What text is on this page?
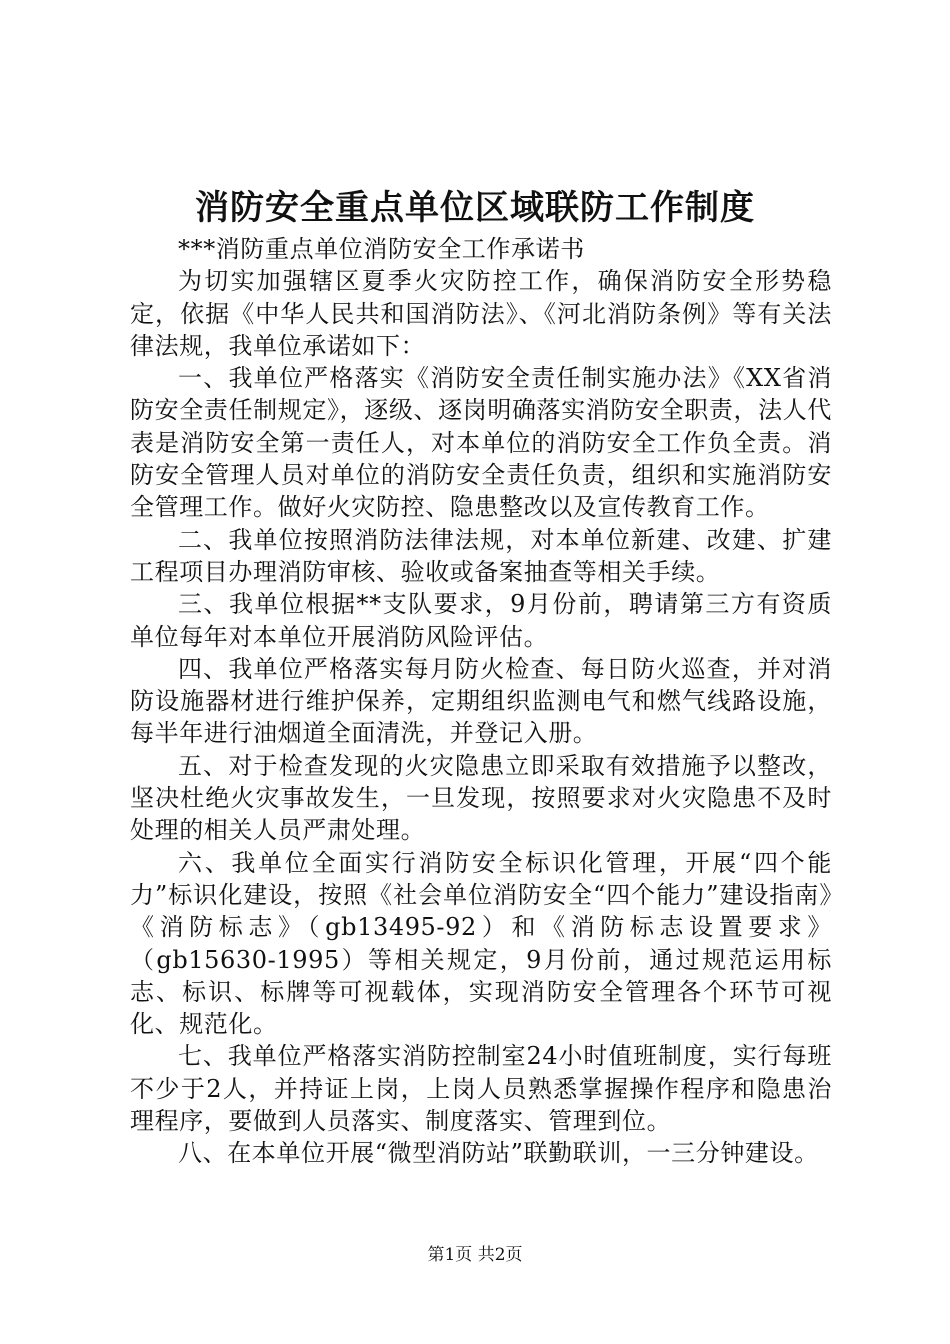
消防安全重点单位区域联防工作制度

***消防重点单位消防安全工作承诺书

为切实加强辖区夏季火灾防控工作，确保消防安全形势稳定，依据《中华人民共和国消防法》、《河北消防条例》等有关法律法规，我单位承诺如下：

一、我单位严格落实《消防安全责任制实施办法》《XX省消防安全责任制规定》，逐级、逐岗明确落实消防安全职责，法人代表是消防安全第一责任人，对本单位的消防安全工作负全责。消防安全管理人员对单位的消防安全责任负责，组织和实施消防安全管理工作。做好火灾防控、隐患整改以及宣传教育工作。

二、我单位按照消防法律法规，对本单位新建、改建、扩建工程项目办理消防审核、验收或备案抽查等相关手续。

三、我单位根据**支队要求，9月份前，聘请第三方有资质单位每年对本单位开展消防风险评估。

四、我单位严格落实每月防火检查、每日防火巡查，并对消防设施器材进行维护保养，定期组织监测电气和燃气线路设施，每半年进行油烟道全面清洗，并登记入册。

五、对于检查发现的火灾隐患立即采取有效措施予以整改，坚决杜绝火灾事故发生，一旦发现，按照要求对火灾隐患不及时处理的相关人员严肃处理。

六、我单位全面实行消防安全标识化管理，开展“四个能力”标识化建设，按照《社会单位消防安全“四个能力”建设指南》《消防标志》（gb13495-92）和《消防标志设置要求》（gb15630-1995）等相关规定，9月份前，通过规范运用标志、标识、标牌等可视载体，实现消防安全管理各个环节可视化、规范化。

七、我单位严格落实消防控制室24小时值班制度，实行每班不少于2人，并持证上岗，上岗人员熟悉掌握操作程序和隐患治理程序，要做到人员落实、制度落实、管理到位。

八、在本单位开展“微型消防站”联勤联训，一三分钟建设。

第1页 共2页
